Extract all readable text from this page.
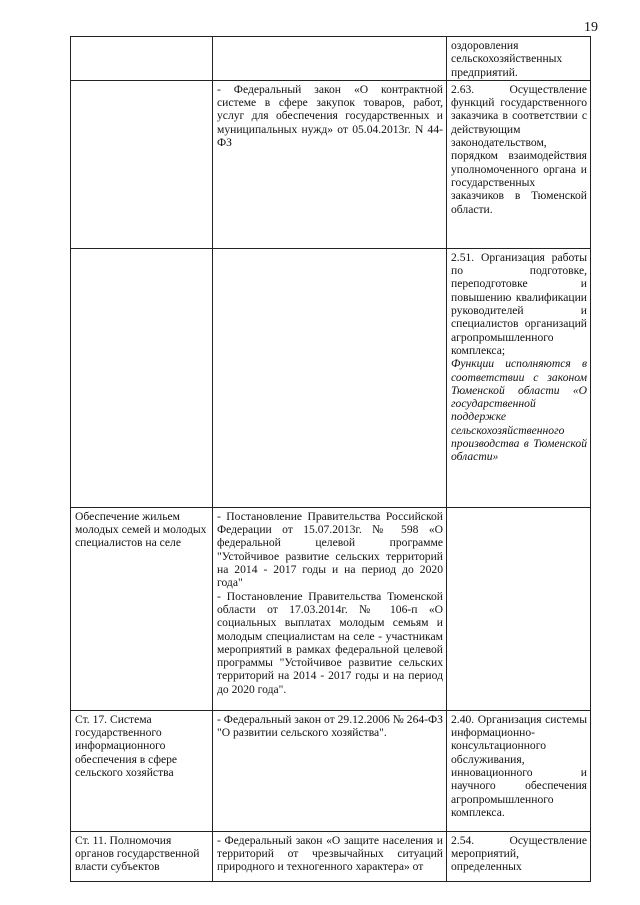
19

		оздоровления сельскохозяйственных предприятий.

	- Федеральный закон «О контрактной системе в сфере закупок товаров, работ, услуг для обеспечения государственных и муниципальных нужд» от 05.04.2013г. N 44-ФЗ	2.63. Осуществление функций государственного заказчика в соответствии с действующим законодательством, порядком взаимодействия уполномоченного органа и государственных заказчиков в Тюменской области.

		2.51. Организация работы по подготовке, переподготовке и повышению квалификации руководителей и специалистов организаций агропромышленного комплекса;
Функции исполняются в соответствии с законом Тюменской области «О государственной поддержке сельскохозяйственного производства в Тюменской области»

Обеспечение жильем молодых семей и молодых специалистов на селе	- Постановление Правительства Российской Федерации от 15.07.2013г. № 598 «О федеральной целевой программе "Устойчивое развитие сельских территорий на 2014 - 2017 годы и на период до 2020 года"
- Постановление Правительства Тюменской области от 17.03.2014г. № 106-п «О социальных выплатах молодым семьям и молодым специалистам на селе - участникам мероприятий в рамках федеральной целевой программы "Устойчивое развитие сельских территорий на 2014 - 2017 годы и на период до 2020 года".	

Ст. 17. Система государственного информационного обеспечения в сфере сельского хозяйства	- Федеральный закон от 29.12.2006 № 264-ФЗ "О развитии сельского хозяйства".	2.40. Организация системы информационно-консультационного обслуживания, инновационного и научного обеспечения агропромышленного комплекса.

Ст. 11. Полномочия органов государственной власти субъектов	- Федеральный закон «О защите населения и территорий от чрезвычайных ситуаций природного и техногенного характера» от	2.54. Осуществление мероприятий, определенных
